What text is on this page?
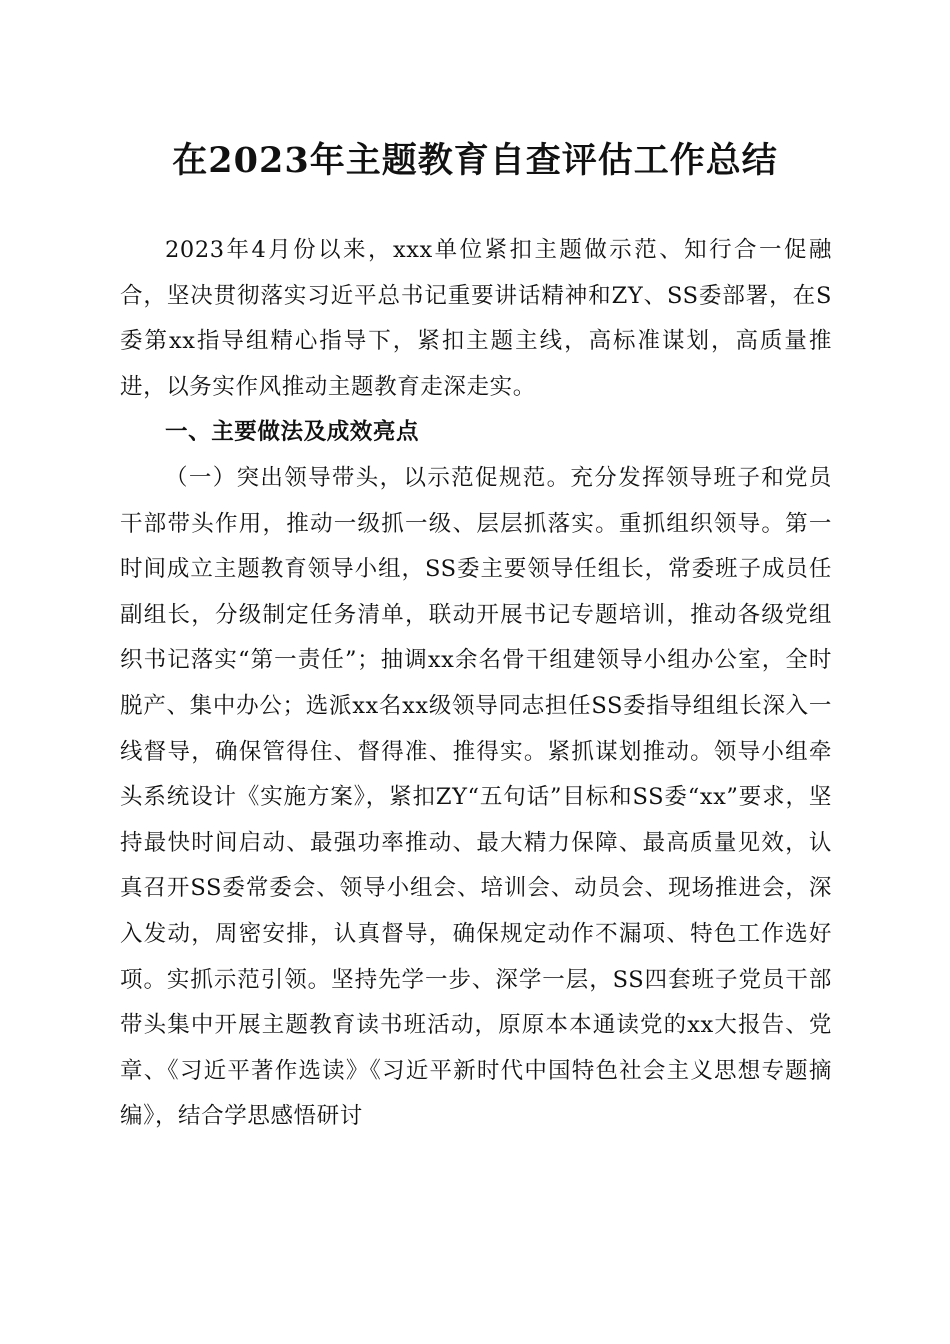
在2023年主题教育自查评估工作总结

2023年4月份以来，xxx单位紧扣主题做示范、知行合一促融合，坚决贯彻落实习近平总书记重要讲话精神和ZY、SS委部署，在S委第xx指导组精心指导下，紧扣主题主线，高标准谋划，高质量推进，以务实作风推动主题教育走深走实。

一、主要做法及成效亮点

（一）突出领导带头，以示范促规范。充分发挥领导班子和党员干部带头作用，推动一级抓一级、层层抓落实。重抓组织领导。第一时间成立主题教育领导小组，SS委主要领导任组长，常委班子成员任副组长，分级制定任务清单，联动开展书记专题培训，推动各级党组织书记落实“第一责任”；抽调xx余名骨干组建领导小组办公室，全时脱产、集中办公；选派xx名xx级领导同志担任SS委指导组组长深入一线督导，确保管得住、督得准、推得实。紧抓谋划推动。领导小组牵头系统设计《实施方案》，紧扣ZY“五句话”目标和SS委“xx”要求，坚持最快时间启动、最强功率推动、最大精力保障、最高质量见效，认真召开SS委常委会、领导小组会、培训会、动员会、现场推进会，深入发动，周密安排，认真督导，确保规定动作不漏项、特色工作选好项。实抓示范引领。坚持先学一步、深学一层，SS四套班子党员干部带头集中开展主题教育读书班活动，原原本本通读党的xx大报告、党章、《习近平著作选读》《习近平新时代中国特色社会主义思想专题摘编》，结合学思感悟研讨
